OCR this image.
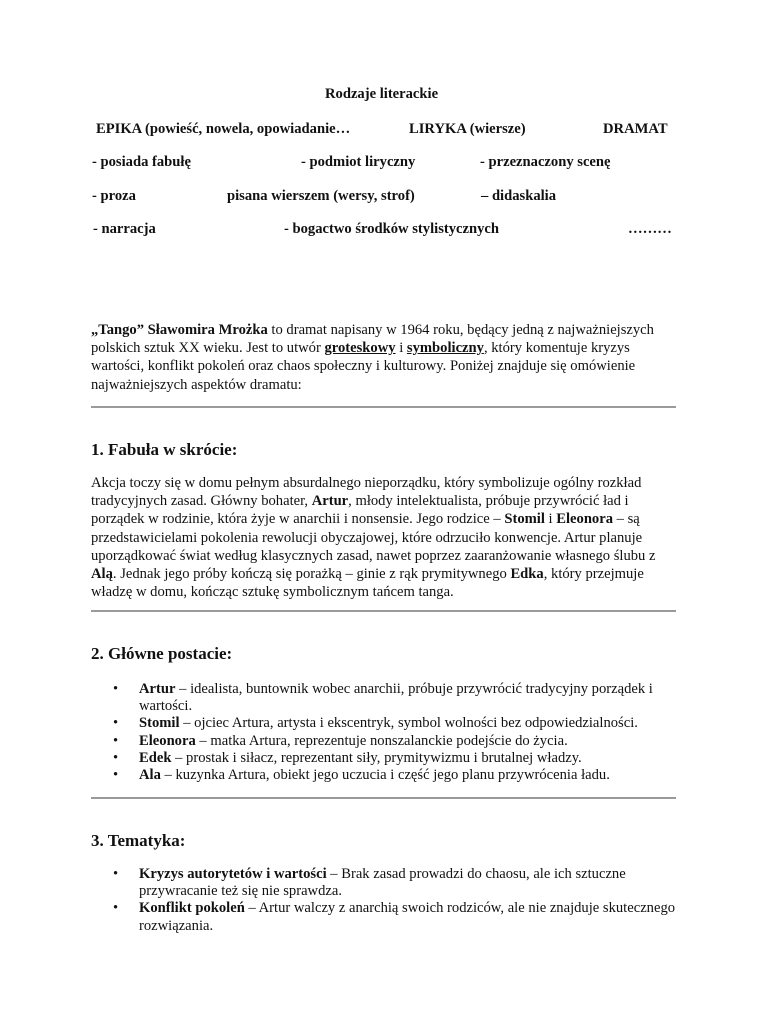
Rodzaje literackie
EPIKA (powieść, nowela, opowiadanie…	LIRYKA (wiersze)	DRAMAT
- posiada fabułę	- podmiot liryczny	- przeznaczony scenę
- proza	pisana wierszem (wersy, strof)	– didaskalia
- narracja	- bogactwo środków stylistycznych	………

„Tango” Sławomira Mrożka to dramat napisany w 1964 roku, będący jedną z najważniejszych polskich sztuk XX wieku. Jest to utwór groteskowy i symboliczny, który komentuje kryzys wartości, konflikt pokoleń oraz chaos społeczny i kulturowy. Poniżej znajduje się omówienie najważniejszych aspektów dramatu:

1. Fabuła w skrócie:

Akcja toczy się w domu pełnym absurdalnego nieporządku, który symbolizuje ogólny rozkład tradycyjnych zasad. Główny bohater, Artur, młody intelektualista, próbuje przywrócić ład i porządek w rodzinie, która żyje w anarchii i nonsensie. Jego rodzice – Stomil i Eleonora – są przedstawicielami pokolenia rewolucji obyczajowej, które odrzuciło konwencje. Artur planuje uporządkować świat według klasycznych zasad, nawet poprzez zaaranżowanie własnego ślubu z Alą. Jednak jego próby kończą się porażką – ginie z rąk prymitywnego Edka, który przejmuje władzę w domu, kończąc sztukę symbolicznym tańcem tanga.

2. Główne postacie:
• Artur – idealista, buntownik wobec anarchii, próbuje przywrócić tradycyjny porządek i wartości.
• Stomil – ojciec Artura, artysta i ekscentryk, symbol wolności bez odpowiedzialności.
• Eleonora – matka Artura, reprezentuje nonszalanckie podejście do życia.
• Edek – prostak i siłacz, reprezentant siły, prymitywizmu i brutalnej władzy.
• Ala – kuzynka Artura, obiekt jego uczucia i część jego planu przywrócenia ładu.
3. Tematyka:
• Kryzys autorytetów i wartości – Brak zasad prowadzi do chaosu, ale ich sztuczne przywracanie też się nie sprawdza.
• Konflikt pokoleń – Artur walczy z anarchią swoich rodziców, ale nie znajduje skutecznego rozwiązania.
